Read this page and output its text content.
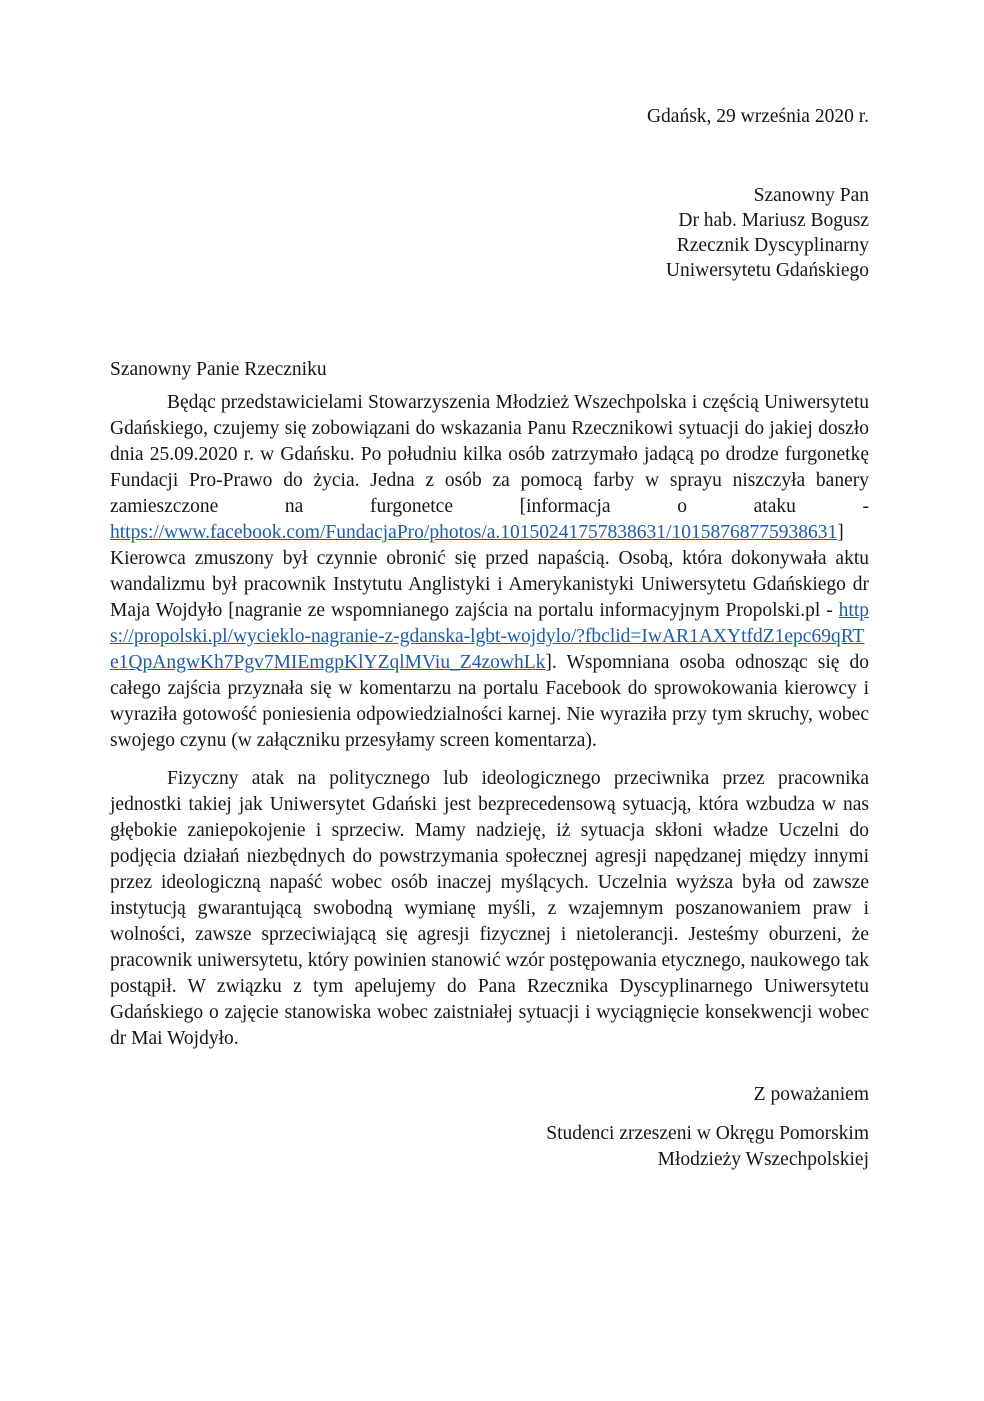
Gdańsk, 29 września 2020 r.
Szanowny Pan
Dr hab. Mariusz Bogusz
Rzecznik Dyscyplinarny
Uniwersytetu Gdańskiego
Szanowny Panie Rzeczniku

Będąc przedstawicielami Stowarzyszenia Młodzież Wszechpolska i częścią Uniwersytetu Gdańskiego, czujemy się zobowiązani do wskazania Panu Rzecznikowi sytuacji do jakiej doszło dnia 25.09.2020 r. w Gdańsku. Po południu kilka osób zatrzymało jadącą po drodze furgonetkę Fundacji Pro-Prawo do życia. Jedna z osób za pomocą farby w sprayu niszczyła banery zamieszczone na furgonetce [informacja o ataku - https://www.facebook.com/FundacjaPro/photos/a.10150241757838631/10158768775938631] Kierowca zmuszony był czynnie obronić się przed napaścią. Osobą, która dokonywała aktu wandalizmu był pracownik Instytutu Anglistyki i Amerykanistyki Uniwersytetu Gdańskiego dr Maja Wojdyło [nagranie ze wspomnianego zajścia na portalu informacyjnym Propolski.pl - https://propolski.pl/wycieklo-nagranie-z-gdanska-lgbt-wojdylo/?fbclid=IwAR1AXYtfdZ1epc69qRTe1QpAngwKh7Pgv7MIEmgpKlYZqlMViu_Z4zowhLk]. Wspomniana osoba odnosząc się do całego zajścia przyznała się w komentarzu na portalu Facebook do sprowokowania kierowcy i wyraziła gotowość poniesienia odpowiedzialności karnej. Nie wyraziła przy tym skruchy, wobec swojego czynu (w załączniku przesyłamy screen komentarza).

Fizyczny atak na politycznego lub ideologicznego przeciwnika przez pracownika jednostki takiej jak Uniwersytet Gdański jest bezprecedensową sytuacją, która wzbudza w nas głębokie zaniepokojenie i sprzeciw. Mamy nadzieję, iż sytuacja skłoni władze Uczelni do podjęcia działań niezbędnych do powstrzymania społecznej agresji napędzanej między innymi przez ideologiczną napaść wobec osób inaczej myślących. Uczelnia wyższa była od zawsze instytucją gwarantującą swobodną wymianę myśli, z wzajemnym poszanowaniem praw i wolności, zawsze sprzeciwiającą się agresji fizycznej i nietolerancji. Jesteśmy oburzeni, że pracownik uniwersytetu, który powinien stanowić wzór postępowania etycznego, naukowego tak postąpił. W związku z tym apelujemy do Pana Rzecznika Dyscyplinarnego Uniwersytetu Gdańskiego o zajęcie stanowiska wobec zaistniałej sytuacji i wyciągnięcie konsekwencji wobec dr Mai Wojdyło.

Z poważaniem
Studenci zrzeszeni w Okręgu Pomorskim
Młodzieży Wszechpolskiej
